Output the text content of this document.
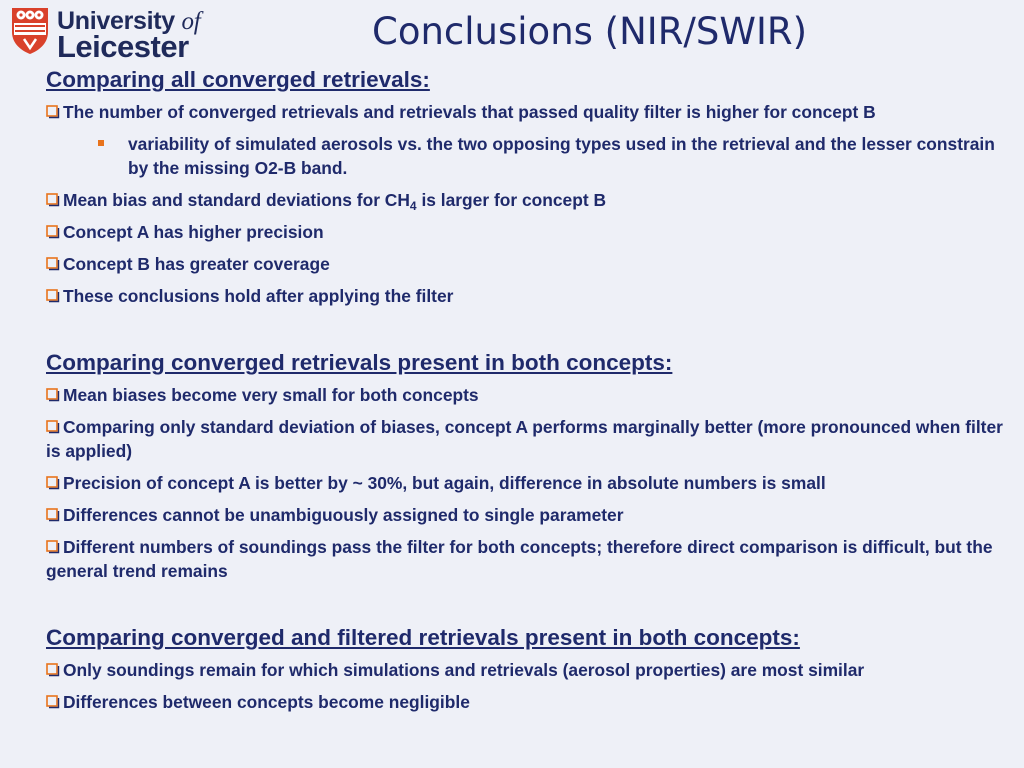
University of
Leicester	Conclusions (NIR/SWIR)
Comparing all converged retrievals:
The number of converged retrievals and retrievals that passed quality filter is higher for concept B
variability of simulated aerosols vs. the two opposing types used in the retrieval and the lesser constrain by the missing O2-B band.
Mean bias and standard deviations for $CH_4$ is larger for concept B
Concept A has higher precision
Concept B has greater coverage
These conclusions hold after applying the filter
Comparing converged retrievals present in both concepts:
Mean biases become very small for both concepts
Comparing only standard deviation of biases, concept A performs marginally better (more pronounced when filter is applied)
Precision of concept A is better by ~ 30%, but again, difference in absolute numbers is small
Differences cannot be unambiguously assigned to single parameter
Different numbers of soundings pass the filter for both concepts; therefore direct comparison is difficult, but the general trend remains
Comparing converged and filtered retrievals present in both concepts:
Only soundings remain for which simulations and retrievals (aerosol properties) are most similar
Differences between concepts become negligible
